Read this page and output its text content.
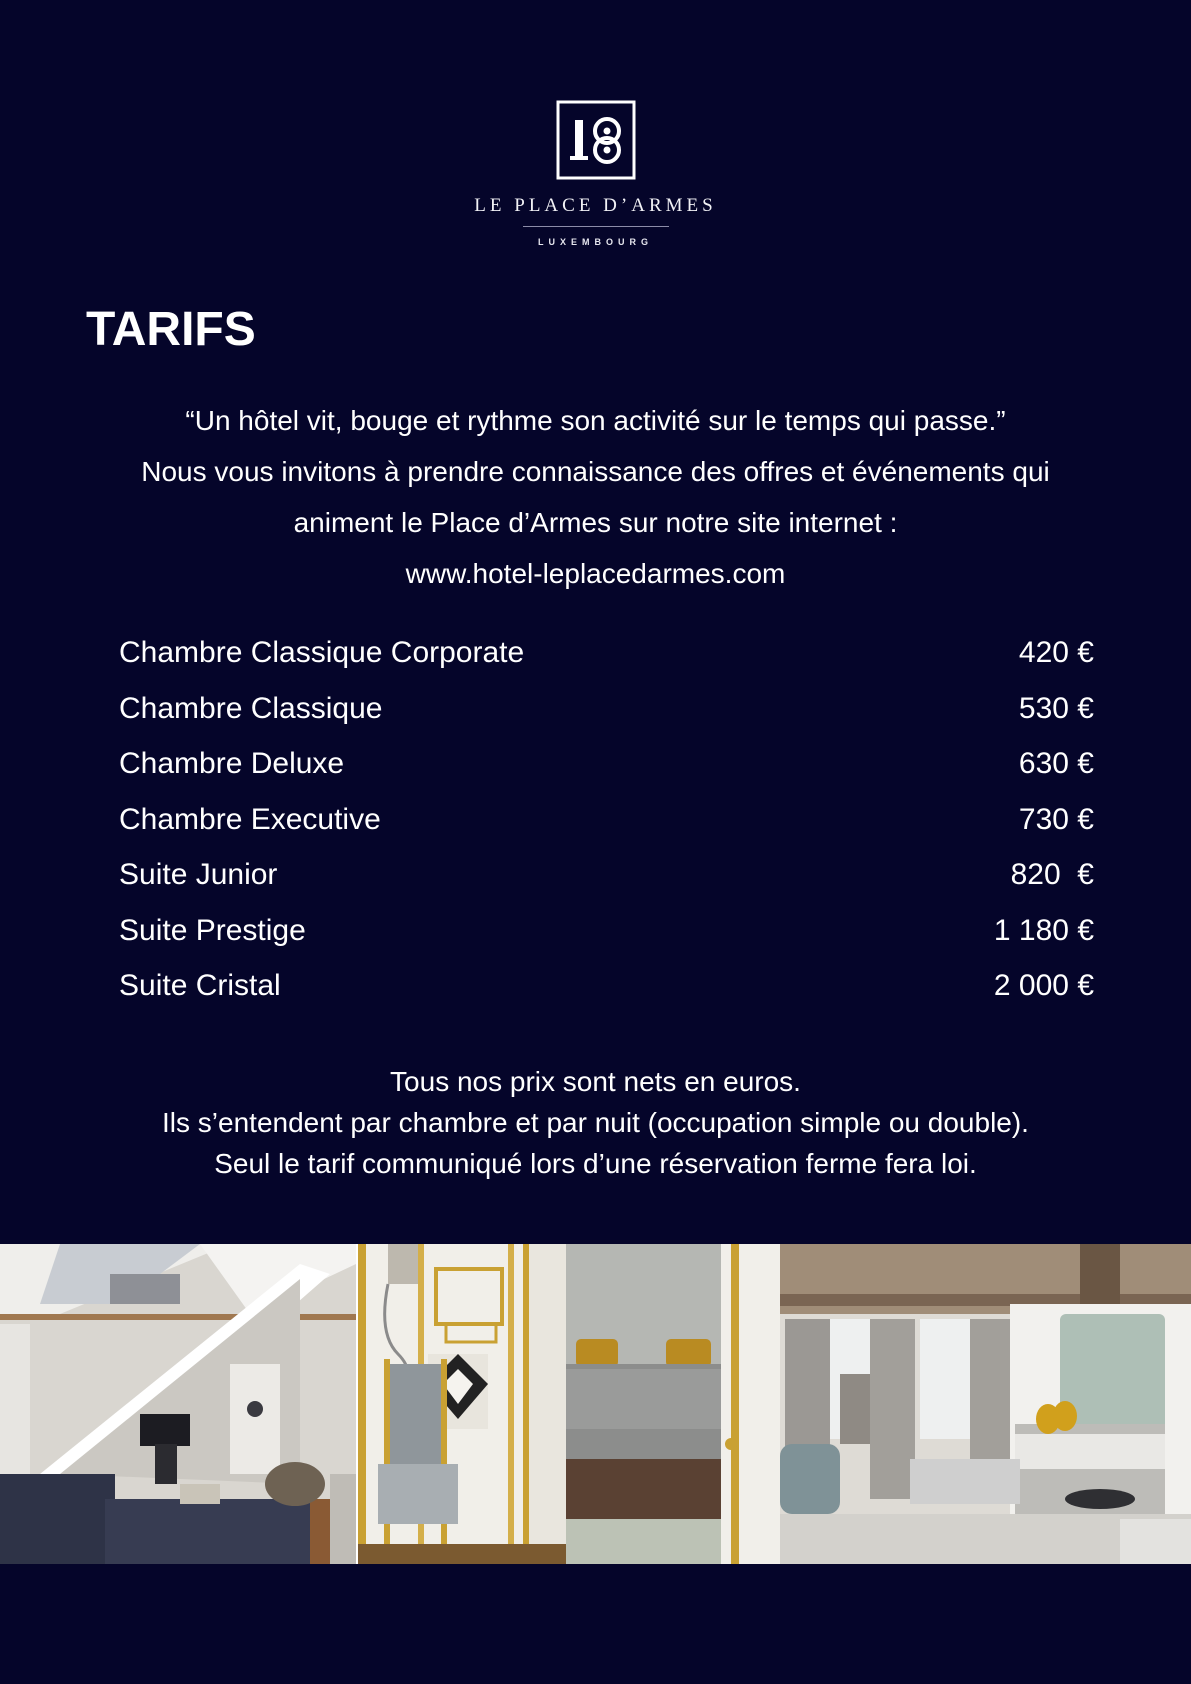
LE PLACE D’ARMES
LUXEMBOURG
TARIFS
“Un hôtel vit, bouge et rythme son activité sur le temps qui passe.”
Nous vous invitons à prendre connaissance des offres et événements qui
animent le Place d’Armes sur notre site internet :
www.hotel-leplacedarmes.com
Chambre Classique Corporate	420 €
Chambre Classique	530 €
Chambre Deluxe	630 €
Chambre Executive	730 €
Suite Junior	820  €
Suite Prestige	1 180 €
Suite Cristal	2 000 €
Tous nos prix sont nets en euros.
Ils s’entendent par chambre et par nuit (occupation simple ou double).
Seul le tarif communiqué lors d’une réservation ferme fera loi.
